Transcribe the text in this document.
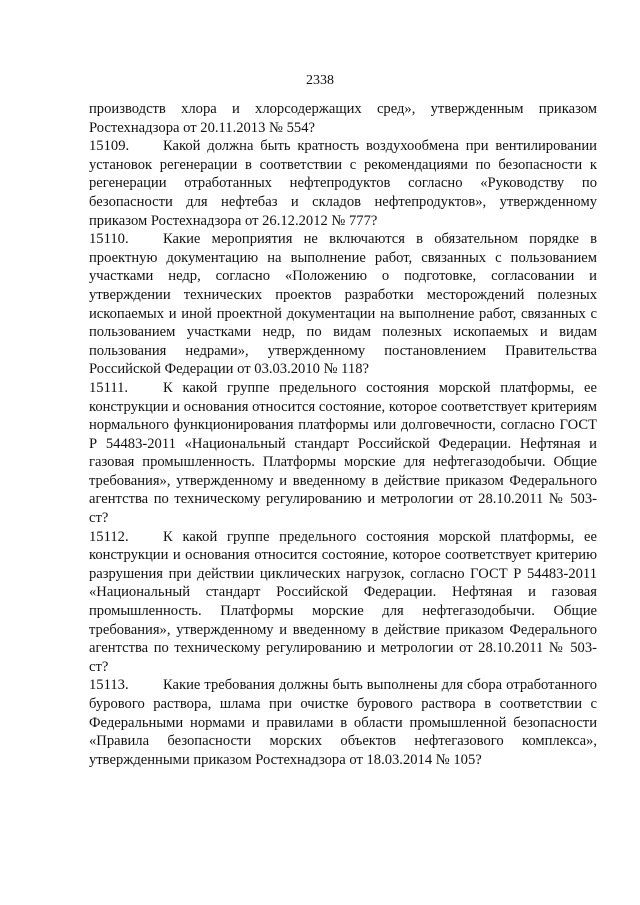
2338

производств хлора и хлорсодержащих сред», утвержденным приказом Ростехнадзора от 20.11.2013 № 554?

15109. Какой должна быть кратность воздухообмена при вентилировании установок регенерации в соответствии с рекомендациями по безопасности к регенерации отработанных нефтепродуктов согласно «Руководству по безопасности для нефтебаз и складов нефтепродуктов», утвержденному приказом Ростехнадзора от 26.12.2012 № 777?

15110. Какие мероприятия не включаются в обязательном порядке в проектную документацию на выполнение работ, связанных с пользованием участками недр, согласно «Положению о подготовке, согласовании и утверждении технических проектов разработки месторождений полезных ископаемых и иной проектной документации на выполнение работ, связанных с пользованием участками недр, по видам полезных ископаемых и видам пользования недрами», утвержденному постановлением Правительства Российской Федерации от 03.03.2010 № 118?

15111. К какой группе предельного состояния морской платформы, ее конструкции и основания относится состояние, которое соответствует критериям нормального функционирования платформы или долговечности, согласно ГОСТ Р 54483-2011 «Национальный стандарт Российской Федерации. Нефтяная и газовая промышленность. Платформы морские для нефтегазодобычи. Общие требования», утвержденному и введенному в действие приказом Федерального агентства по техническому регулированию и метрологии от 28.10.2011 № 503-ст?

15112. К какой группе предельного состояния морской платформы, ее конструкции и основания относится состояние, которое соответствует критерию разрушения при действии циклических нагрузок, согласно ГОСТ Р 54483-2011 «Национальный стандарт Российской Федерации. Нефтяная и газовая промышленность. Платформы морские для нефтегазодобычи. Общие требования», утвержденному и введенному в действие приказом Федерального агентства по техническому регулированию и метрологии от 28.10.2011 № 503-ст?

15113. Какие требования должны быть выполнены для сбора отработанного бурового раствора, шлама при очистке бурового раствора в соответствии с Федеральными нормами и правилами в области промышленной безопасности «Правила безопасности морских объектов нефтегазового комплекса», утвержденными приказом Ростехнадзора от 18.03.2014 № 105?
